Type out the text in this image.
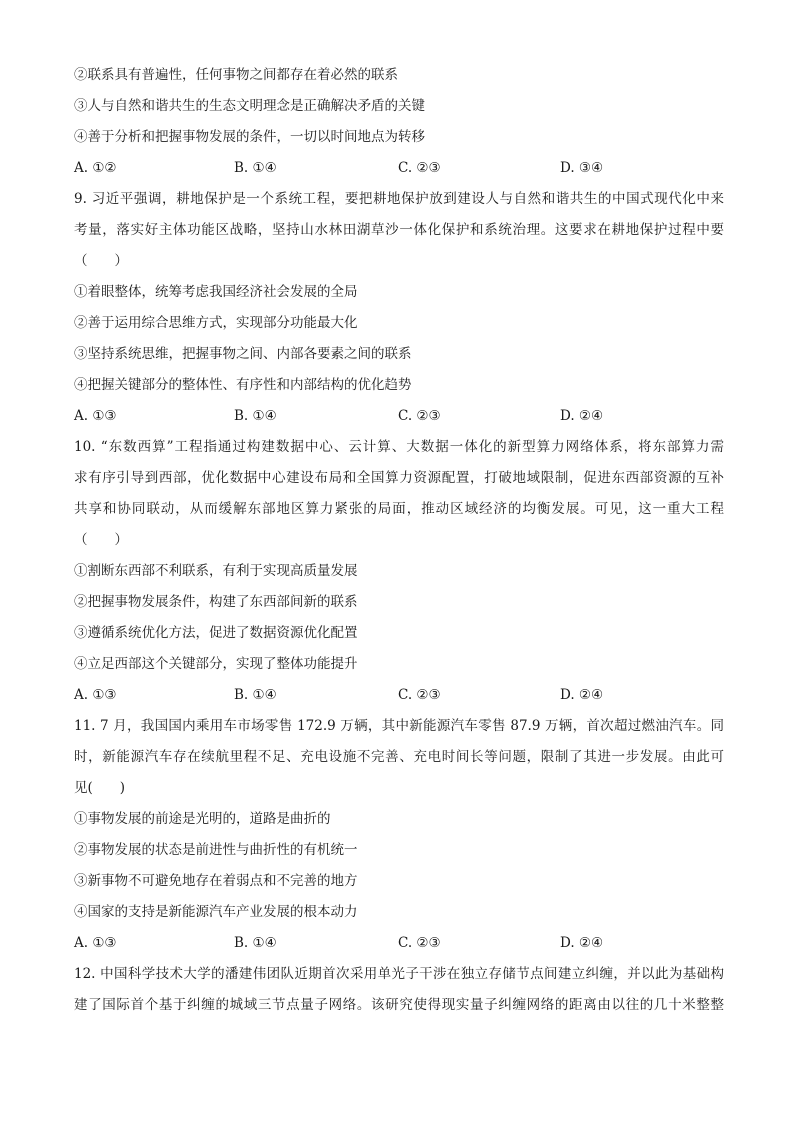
②联系具有普遍性，任何事物之间都存在着必然的联系
③人与自然和谐共生的生态文明理念是正确解决矛盾的关键
④善于分析和把握事物发展的条件，一切以时间地点为转移
A. ①②	B. ①④	C. ②③	D. ③④
9. 习近平强调，耕地保护是一个系统工程，要把耕地保护放到建设人与自然和谐共生的中国式现代化中来
考量，落实好主体功能区战略，坚持山水林田湖草沙一体化保护和系统治理。这要求在耕地保护过程中要
（　　）
①着眼整体，统筹考虑我国经济社会发展的全局
②善于运用综合思维方式，实现部分功能最大化
③坚持系统思维，把握事物之间、内部各要素之间的联系
④把握关键部分的整体性、有序性和内部结构的优化趋势
A. ①③	B. ①④	C. ②③	D. ②④
10. “东数西算”工程指通过构建数据中心、云计算、大数据一体化的新型算力网络体系，将东部算力需
求有序引导到西部，优化数据中心建设布局和全国算力资源配置，打破地域限制，促进东西部资源的互补
共享和协同联动，从而缓解东部地区算力紧张的局面，推动区域经济的均衡发展。可见，这一重大工程
（　　）
①割断东西部不利联系，有利于实现高质量发展
②把握事物发展条件，构建了东西部间新的联系
③遵循系统优化方法，促进了数据资源优化配置
④立足西部这个关键部分，实现了整体功能提升
A. ①③	B. ①④	C. ②③	D. ②④
11. 7 月，我国国内乘用车市场零售 172.9 万辆，其中新能源汽车零售 87.9 万辆，首次超过燃油汽车。同
时，新能源汽车存在续航里程不足、充电设施不完善、充电时间长等问题，限制了其进一步发展。由此可
见(　　)
①事物发展的前途是光明的，道路是曲折的
②事物发展的状态是前进性与曲折性的有机统一
③新事物不可避免地存在着弱点和不完善的地方
④国家的支持是新能源汽车产业发展的根本动力
A. ①③	B. ①④	C. ②③	D. ②④
12. 中国科学技术大学的潘建伟团队近期首次采用单光子干涉在独立存储节点间建立纠缠，并以此为基础构
建了国际首个基于纠缠的城域三节点量子网络。该研究使得现实量子纠缠网络的距离由以往的几十米整整
